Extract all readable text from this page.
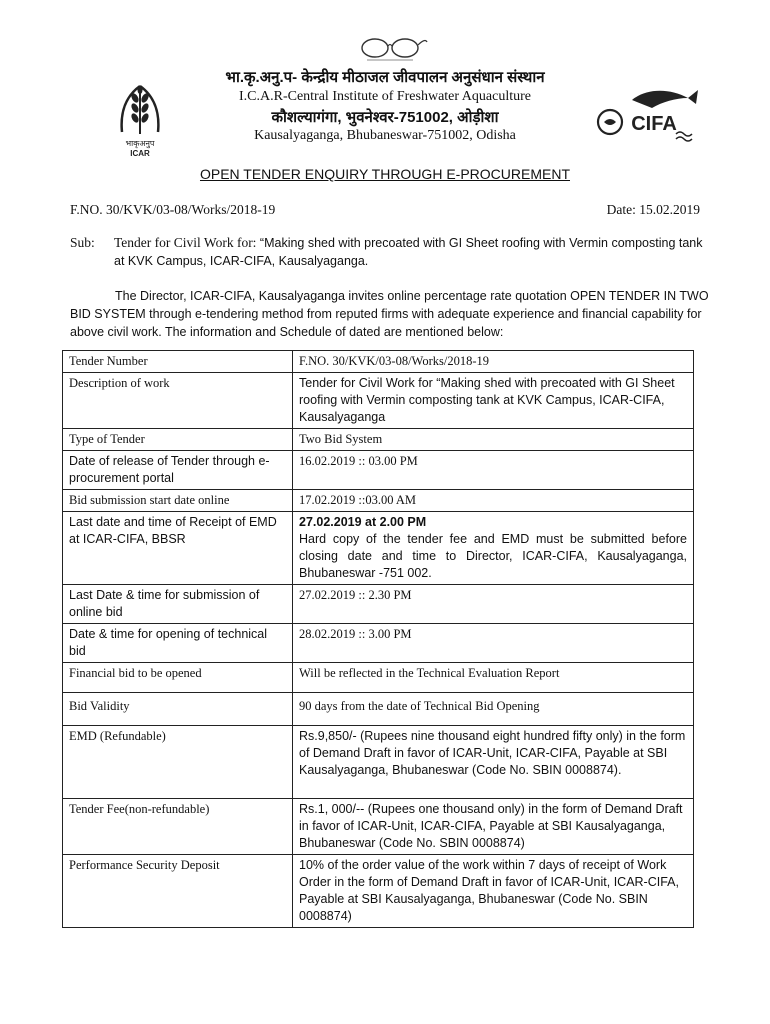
भाकृअनुप
ICAR
CIFA
भा.कृ.अनु.प- केन्द्रीय मीठाजल जीवपालन अनुसंधान संस्थान
I.C.A.R-Central Institute of Freshwater Aquaculture
कौशल्यागंगा, भुवनेश्वर-751002, ओड़ीशा
Kausalyaganga, Bhubaneswar-751002, Odisha
OPEN TENDER ENQUIRY THROUGH E-PROCUREMENT
F.NO. 30/KVK/03-08/Works/2018-19	Date: 15.02.2019
Sub: Tender for Civil Work for: “Making shed with precoated with GI Sheet roofing with Vermin composting tank at KVK Campus, ICAR-CIFA, Kausalyaganga.
The Director, ICAR-CIFA, Kausalyaganga invites online percentage rate quotation OPEN TENDER IN TWO BID SYSTEM through e-tendering method from reputed firms with adequate experience and financial capability for above civil work. The information and Schedule of dated are mentioned below:
Tender Number	F.NO. 30/KVK/03-08/Works/2018-19
Description of work	Tender for Civil Work for “Making shed with precoated with GI Sheet roofing with Vermin composting tank at KVK Campus, ICAR-CIFA, Kausalyaganga
Type of Tender	Two Bid System
Date of release of Tender through e-procurement portal	16.02.2019 :: 03.00 PM
Bid submission start date online	17.02.2019 ::03.00 AM
Last date and time of Receipt of EMD at ICAR-CIFA, BBSR	27.02.2019 at 2.00 PM
Hard copy of the tender fee and EMD must be submitted before closing date and time to Director, ICAR-CIFA, Kausalyaganga, Bhubaneswar -751 002.

Last Date & time for submission of online bid	27.02.2019 :: 2.30 PM
Date & time for opening of technical bid	28.02.2019 :: 3.00 PM
Financial bid to be opened	Will be reflected in the Technical Evaluation Report
Bid Validity	90 days from the date of Technical Bid Opening
EMD (Refundable)	Rs.9,850/- (Rupees nine thousand eight hundred fifty only) in the form of Demand Draft in favor of ICAR-Unit, ICAR-CIFA, Payable at SBI Kausalyaganga, Bhubaneswar (Code No. SBIN 0008874).
Tender Fee(non-refundable)	Rs.1, 000/-- (Rupees one thousand only) in the form of Demand Draft in favor of ICAR-Unit, ICAR-CIFA, Payable at SBI Kausalyaganga, Bhubaneswar (Code No. SBIN 0008874)
Performance Security Deposit	10% of the order value of the work within 7 days of receipt of Work Order in the form of Demand Draft in favor of ICAR-Unit, ICAR-CIFA, Payable at SBI Kausalyaganga, Bhubaneswar (Code No. SBIN 0008874)
